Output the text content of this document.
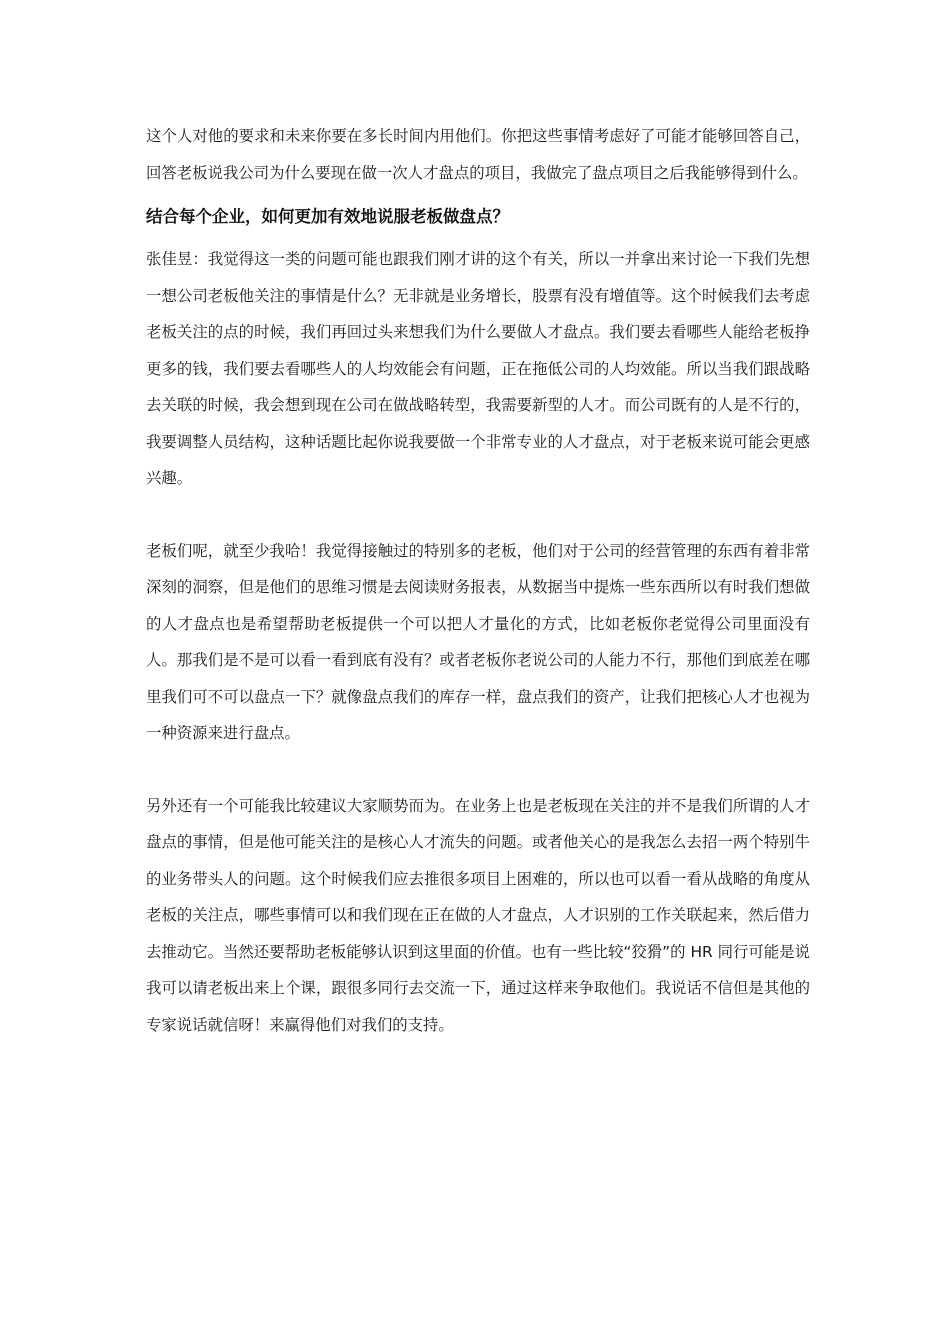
这个人对他的要求和未来你要在多长时间内用他们。你把这些事情考虑好了可能才能够回答自己，回答老板说我公司为什么要现在做一次人才盘点的项目，我做完了盘点项目之后我能够得到什么。

结合每个企业，如何更加有效地说服老板做盘点？

张佳昱：我觉得这一类的问题可能也跟我们刚才讲的这个有关，所以一并拿出来讨论一下我们先想一想公司老板他关注的事情是什么？无非就是业务增长，股票有没有增值等。这个时候我们去考虑老板关注的点的时候，我们再回过头来想我们为什么要做人才盘点。我们要去看哪些人能给老板挣更多的钱，我们要去看哪些人的人均效能会有问题，正在拖低公司的人均效能。所以当我们跟战略去关联的时候，我会想到现在公司在做战略转型，我需要新型的人才。而公司既有的人是不行的，我要调整人员结构，这种话题比起你说我要做一个非常专业的人才盘点，对于老板来说可能会更感兴趣。

老板们呢，就至少我哈！我觉得接触过的特别多的老板，他们对于公司的经营管理的东西有着非常深刻的洞察，但是他们的思维习惯是去阅读财务报表，从数据当中提炼一些东西所以有时我们想做的人才盘点也是希望帮助老板提供一个可以把人才量化的方式，比如老板你老觉得公司里面没有人。那我们是不是可以看一看到底有没有？或者老板你老说公司的人能力不行，那他们到底差在哪里我们可不可以盘点一下？就像盘点我们的库存一样，盘点我们的资产，让我们把核心人才也视为一种资源来进行盘点。

另外还有一个可能我比较建议大家顺势而为。在业务上也是老板现在关注的并不是我们所谓的人才盘点的事情，但是他可能关注的是核心人才流失的问题。或者他关心的是我怎么去招一两个特别牛的业务带头人的问题。这个时候我们应去推很多项目上困难的，所以也可以看一看从战略的角度从老板的关注点，哪些事情可以和我们现在正在做的人才盘点，人才识别的工作关联起来，然后借力去推动它。当然还要帮助老板能够认识到这里面的价值。也有一些比较“狡猾”的 HR 同行可能是说我可以请老板出来上个课，跟很多同行去交流一下，通过这样来争取他们。我说话不信但是其他的专家说话就信呀！来赢得他们对我们的支持。
